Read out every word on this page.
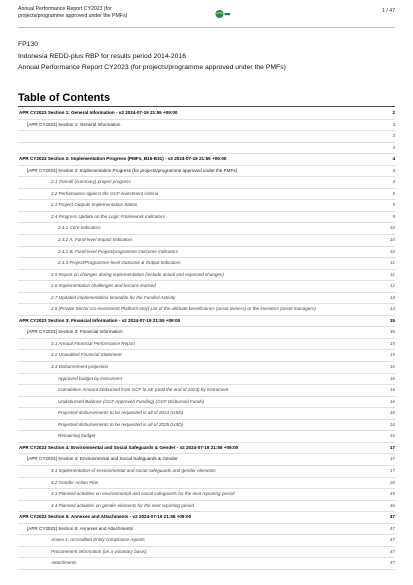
Annual Performance Report CY2023 (for projects/programme approved under the PMFs)
1 / 47
FP130
Indonesia REDD-plus RBP for results period 2014-2016
Annual Performance Report CY2023 (for projects/programme approved under the PMFs)
Table of Contents
APR CY2023 Section 1: General Information - v2 2024-07-19 21:55 +09:00	2
[APR CY2023] Section 1: General Information	3
3
3
APR CY2023 Section 2: Implementation Progress (PMFs, B15-B31) - v2 2024-07-19 21:55 +09:00	4
[APR CY2023] Section 2: Implementation Progress (for projects/programme approved under the PMFs)	4
2.1 Overall (summary) project progress	4
2.2 Performance against the GCF investment criteria	5
2.3 Project Outputs Implementation Status	5
2.4 Progress Update on the Logic Framework Indicators	9
2.4.1 Core Indicators	10
2.4.2 A. Fund-level Impact Indicators	10
2.4.2 B. Fund-level Project/programme Outcome Indicators	10
2.4.3 Project/Programme-level Outcome & Output Indicators	11
2.5 Report on changes during implementation (include actual and expected changes)	11
2.6 Implementation challenges and lessons learned	12
2.7 Updated implementation timetable for the Funded Activity	14
2.8 [Private Sector Co-investment Platform only] List of the ultimate beneficiaries (asset owners) or the investors (asset managers)	14
APR CY2023 Section 3: Financial Information - v2 2024-07-19 21:55 +09:00	15
[APR CY2023] Section 3: Financial Information	15
3.1 Annual Financial Performance Report	15
3.2 Unaudited Financial Statement	15
3.3 Disbursement projection	16
Approved budget by instrument	16
Cumulative Amount Disbursed from GCF to AE (until the end of 2023) by instrument	16
Undisbursed Balance (GCF Approved Funding) (GCF Disbursed Funds)	16
Projected disbursements to be requested in all of 2024 (USD)	16
Projected disbursements to be requested in all of 2025 (USD)	16
Remaining budget	16
APR CY2023 Section 4: Environmental and Social Safeguards & Gender - v2 2024-07-19 21:55 +09:00	17
[APR CY2023] Section 4: Environmental and Social Safeguards & Gender	17
4.1 Implementation of environmental and social safeguards and gender elements	17
4.2 Gender Action Plan	20
4.3 Planned activities on environmental and social safeguards for the next reporting period	45
4.4 Planned activities on gender elements for the next reporting period	46
APR CY2023 Section 5: Annexes and Attachments - v2 2024-07-19 21:55 +09:00	47
[APR CY2023] Section 5: Annexes and Attachments	47
Annex 1: Accredited Entity compliance reports	47
Procurement information (on a voluntary basis)	47
Attachments	47
